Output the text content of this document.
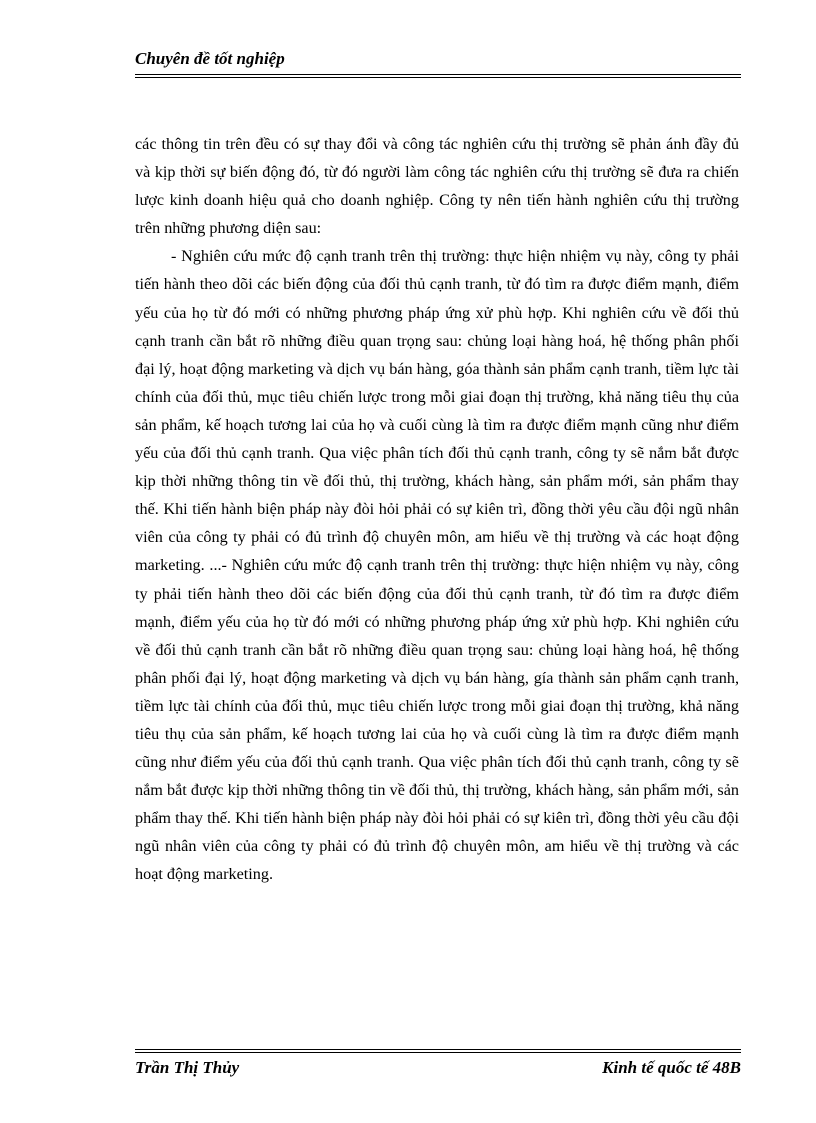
Chuyên đề tốt nghiệp

các thông tin trên đều có sự thay đổi và công tác nghiên cứu thị trường sẽ phản ánh đầy đủ và kịp thời sự biến động đó, từ đó người làm công tác nghiên cứu thị trường sẽ đưa ra chiến lược kinh doanh hiệu quả cho doanh nghiệp. Công ty nên tiến hành nghiên cứu thị trường trên những phương diện sau:

- Nghiên cứu mức độ cạnh tranh trên thị trường: thực hiện nhiệm vụ này, công ty phải tiến hành theo dõi các biến động của đối thủ cạnh tranh, từ đó tìm ra được điểm mạnh, điểm yếu của họ từ đó mới có những phương pháp ứng xử phù hợp. Khi nghiên cứu về đối thủ cạnh tranh cần bắt rõ những điều quan trọng sau: chủng loại hàng hoá, hệ thống phân phối đại lý, hoạt động marketing và dịch vụ bán hàng, góa thành sản phẩm cạnh tranh, tiềm lực tài chính của đối thủ, mục tiêu chiến lược trong mỗi giai đoạn thị trường, khả năng tiêu thụ của sản phẩm, kế hoạch tương lai của họ và cuối cùng là tìm ra được điểm mạnh cũng như điểm yếu của đối thủ cạnh tranh. Qua việc phân tích đối thủ cạnh tranh, công ty sẽ nắm bắt được kịp thời những thông tin về đối thủ, thị trường, khách hàng, sản phẩm mới, sản phẩm thay thế. Khi tiến hành biện pháp này đòi hỏi phải có sự kiên trì, đồng thời yêu cầu đội ngũ nhân viên của công ty phải có đủ trình độ chuyên môn, am hiểu về thị trường và các hoạt động marketing. ...- Nghiên cứu mức độ cạnh tranh trên thị trường: thực hiện nhiệm vụ này, công ty phải tiến hành theo dõi các biến động của đối thủ cạnh tranh, từ đó tìm ra được điểm mạnh, điểm yếu của họ từ đó mới có những phương pháp ứng xử phù hợp. Khi nghiên cứu về đối thủ cạnh tranh cần bắt rõ những điều quan trọng sau: chủng loại hàng hoá, hệ thống phân phối đại lý, hoạt động marketing và dịch vụ bán hàng, gía thành sản phẩm cạnh tranh, tiềm lực tài chính của đối thủ, mục tiêu chiến lược trong mỗi giai đoạn thị trường, khả năng tiêu thụ của sản phẩm, kế hoạch tương lai của họ và cuối cùng là tìm ra được điểm mạnh cũng như điểm yếu của đối thủ cạnh tranh. Qua việc phân tích đối thủ cạnh tranh, công ty sẽ nắm bắt được kịp thời những thông tin về đối thủ, thị trường, khách hàng, sản phẩm mới, sản phẩm thay thế. Khi tiến hành biện pháp này đòi hỏi phải có sự kiên trì, đồng thời yêu cầu đội ngũ nhân viên của công ty phải có đủ trình độ chuyên môn, am hiểu về thị trường và các hoạt động marketing.

Trần Thị Thủy	Kinh tế quốc tế 48B
